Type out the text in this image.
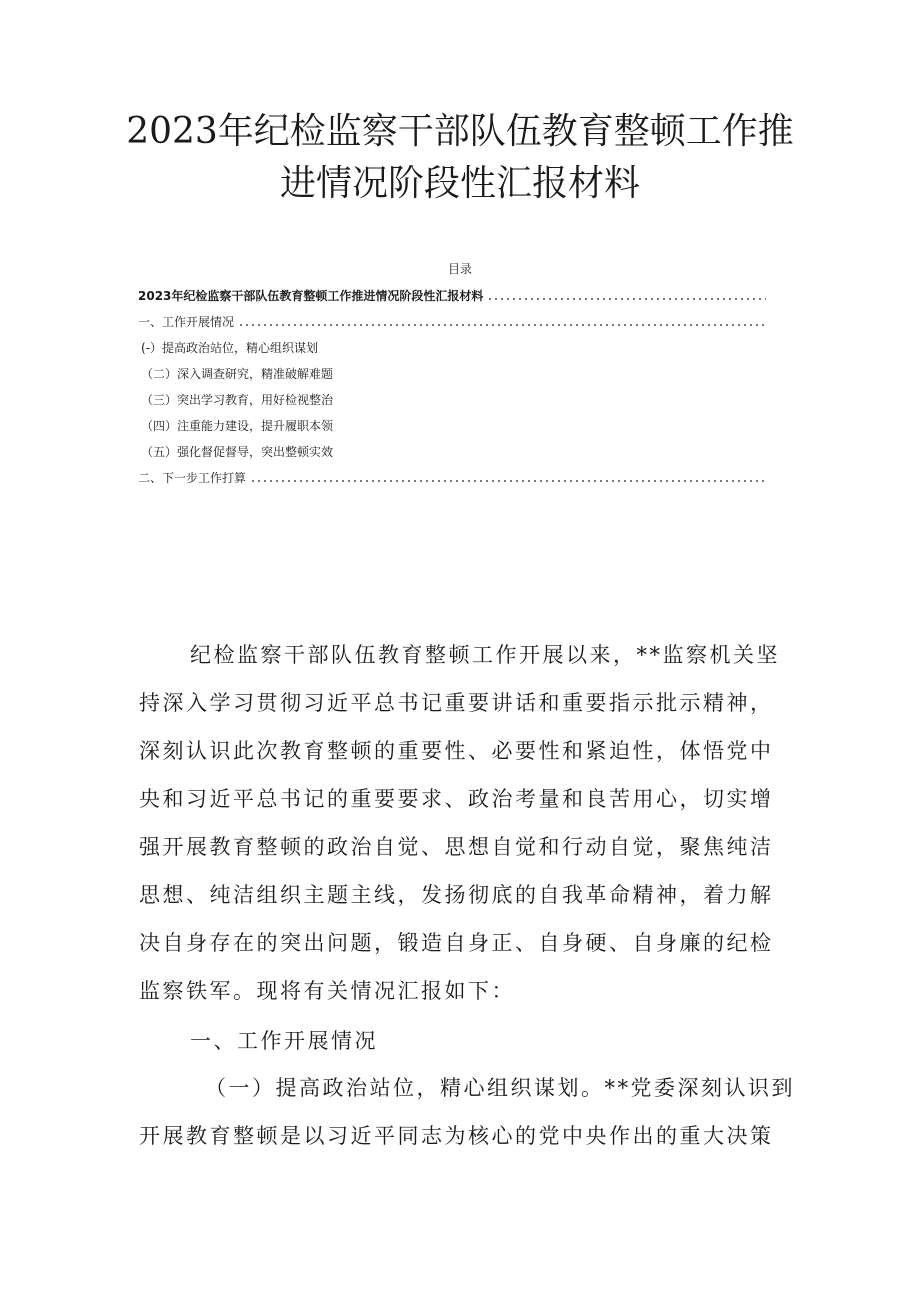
2023年纪检监察干部队伍教育整顿工作推
进情况阶段性汇报材料
目录
2023年纪检监察干部队伍教育整顿工作推进情况阶段性汇报材料
一、工作开展情况
(-）提高政治站位，精心组织谋划
（二）深入调查研究，精准破解难题
（三）突出学习教育，用好检视整治
（四）注重能力建设，提升履职本领
（五）强化督促督导，突出整顿实效
二、下一步工作打算

纪检监察干部队伍教育整顿工作开展以来，**监察机关坚

持深入学习贯彻习近平总书记重要讲话和重要指示批示精神，

深刻认识此次教育整顿的重要性、必要性和紧迫性，体悟党中

央和习近平总书记的重要要求、政治考量和良苦用心，切实增

强开展教育整顿的政治自觉、思想自觉和行动自觉，聚焦纯洁

思想、纯洁组织主题主线，发扬彻底的自我革命精神，着力解

决自身存在的突出问题，锻造自身正、自身硬、自身廉的纪检

监察铁军。现将有关情况汇报如下：

一、工作开展情况

（一）提高政治站位，精心组织谋划。**党委深刻认识到

开展教育整顿是以习近平同志为核心的党中央作出的重大决策
